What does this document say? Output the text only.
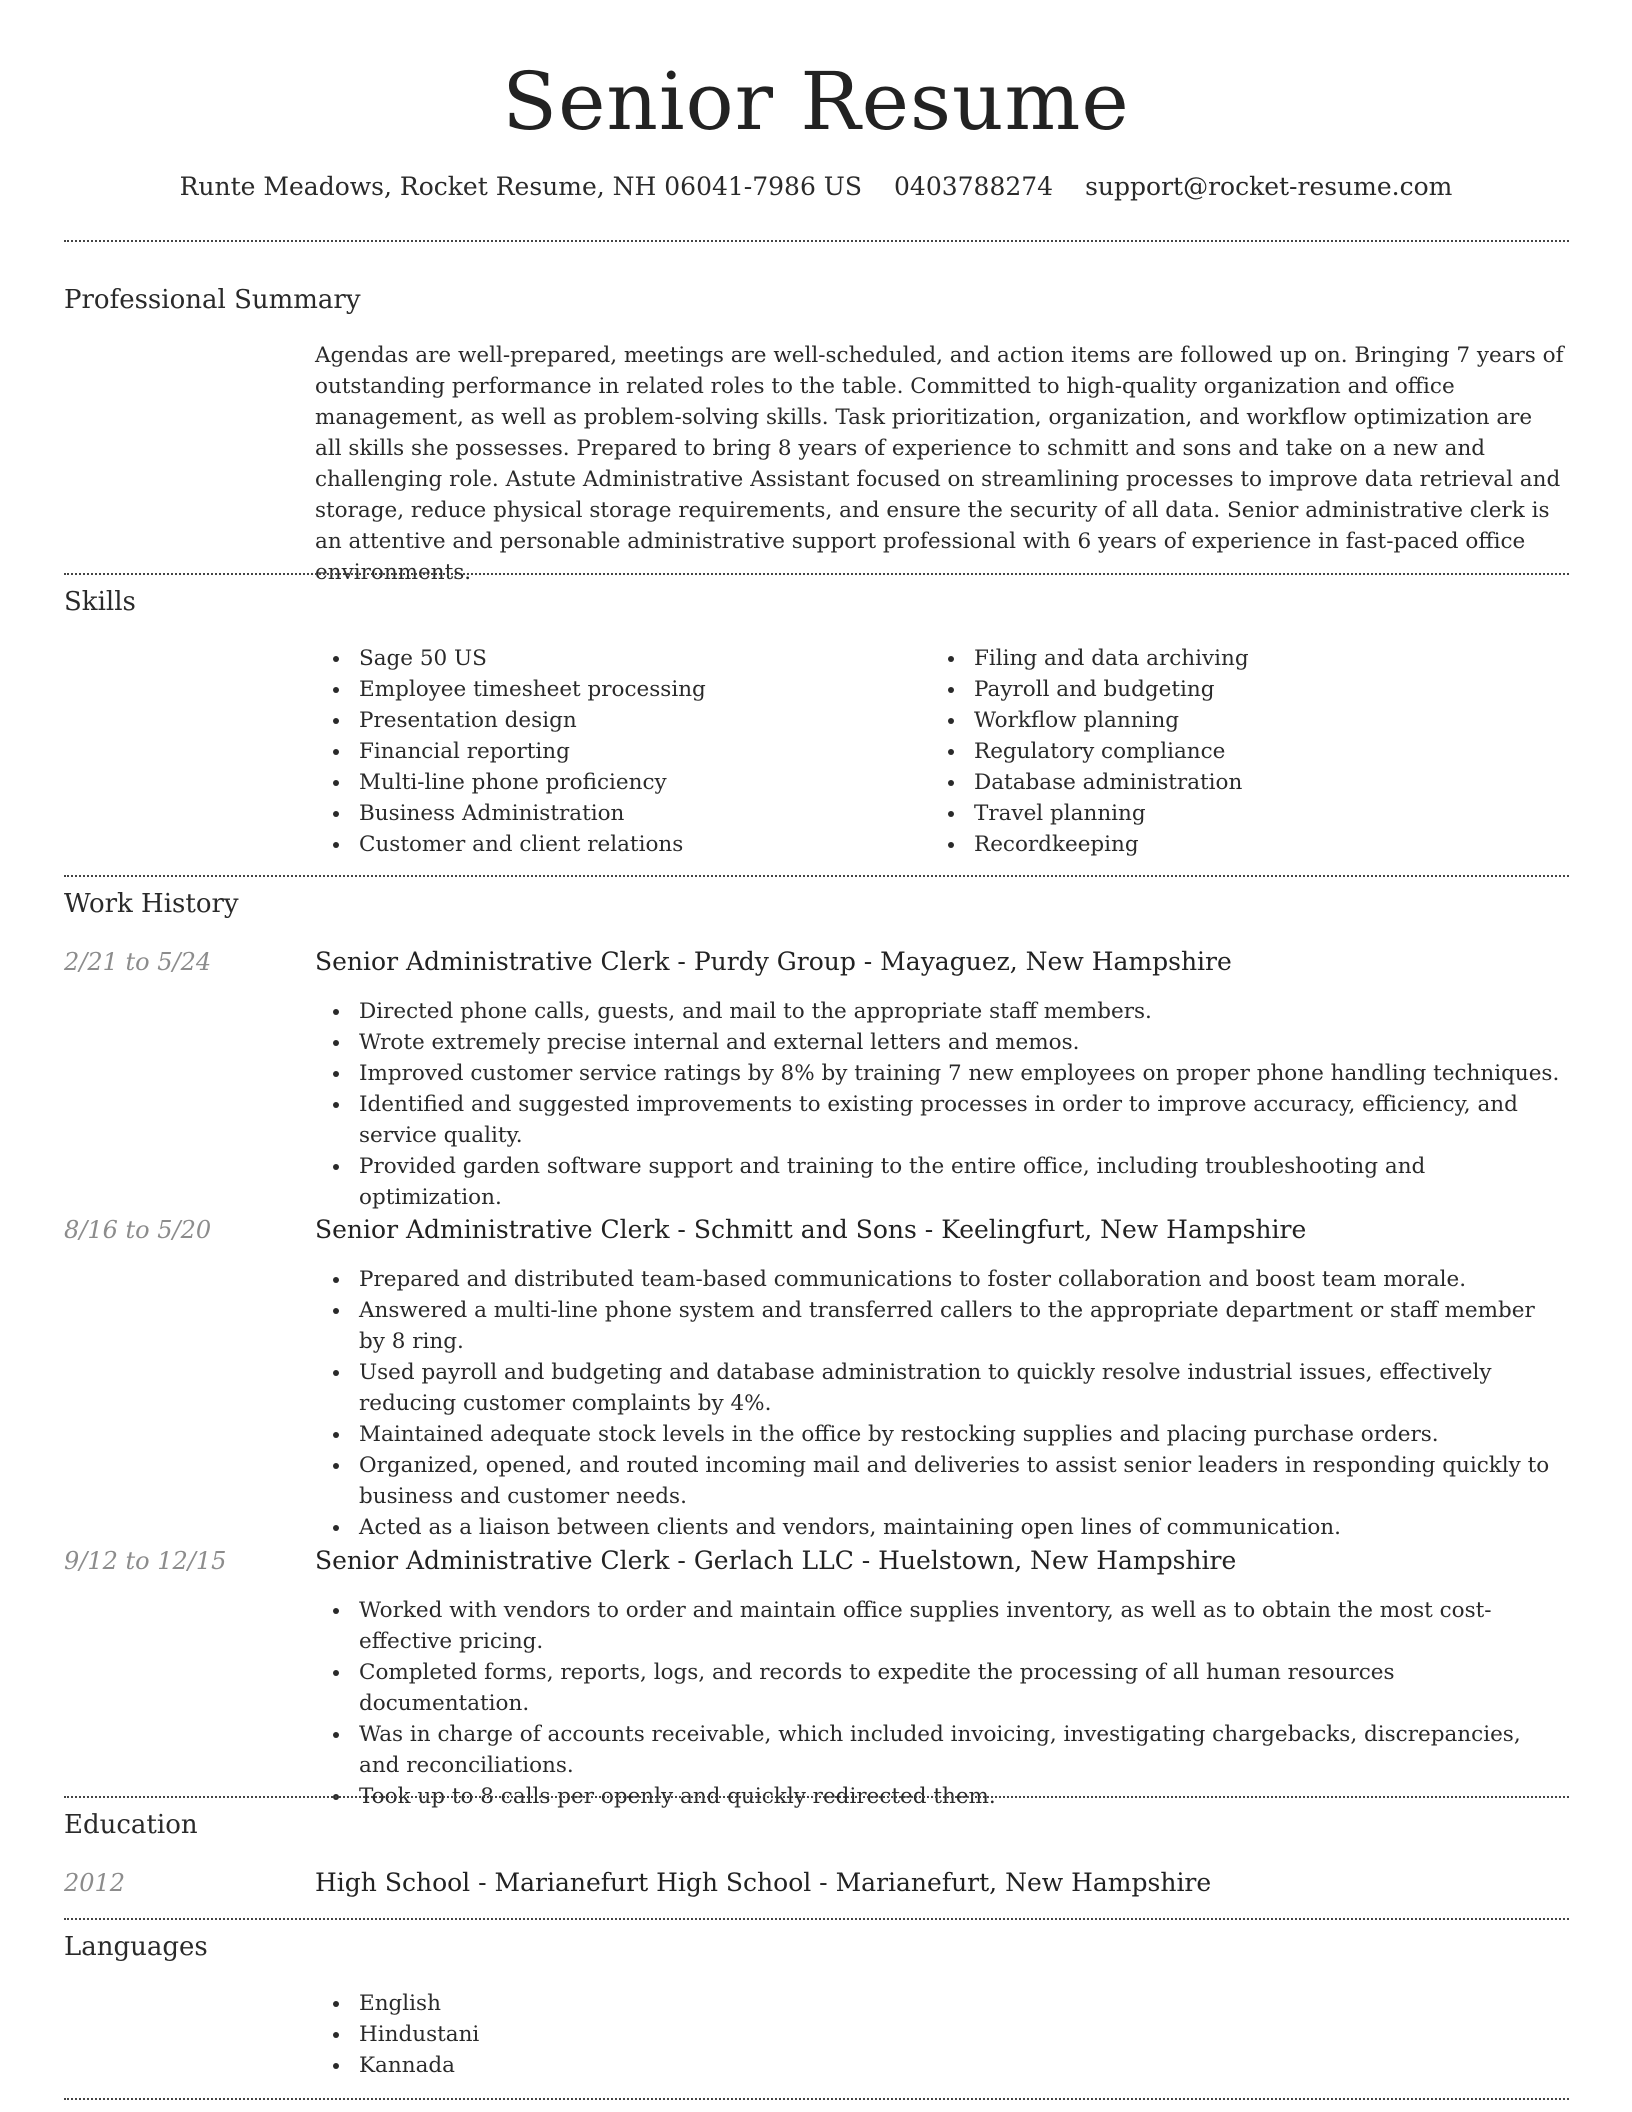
Senior Resume
Runte Meadows, Rocket Resume, NH 06041-7986 US 0403788274 support@rocket-resume.com
Professional Summary

Agendas are well-prepared, meetings are well-scheduled, and action items are followed up on. Bringing 7 years of outstanding performance in related roles to the table. Committed to high-quality organization and office management, as well as problem-solving skills. Task prioritization, organization, and workflow optimization are all skills she possesses. Prepared to bring 8 years of experience to schmitt and sons and take on a new and challenging role. Astute Administrative Assistant focused on streamlining processes to improve data retrieval and storage, reduce physical storage requirements, and ensure the security of all data. Senior administrative clerk is an attentive and personable administrative support professional with 6 years of experience in fast-paced office environments.

Skills
Sage 50 US
Employee timesheet processing
Presentation design
Financial reporting
Multi-line phone proficiency
Business Administration
Customer and client relations
Filing and data archiving
Payroll and budgeting
Workflow planning
Regulatory compliance
Database administration
Travel planning
Recordkeeping
Work History
2/21 to 5/24	Senior Administrative Clerk - Purdy Group - Mayaguez, New Hampshire
Directed phone calls, guests, and mail to the appropriate staff members.
Wrote extremely precise internal and external letters and memos.
Improved customer service ratings by 8% by training 7 new employees on proper phone handling techniques.
Identified and suggested improvements to existing processes in order to improve accuracy, efficiency, and service quality.
Provided garden software support and training to the entire office, including troubleshooting and optimization.
8/16 to 5/20	Senior Administrative Clerk - Schmitt and Sons - Keelingfurt, New Hampshire
Prepared and distributed team-based communications to foster collaboration and boost team morale.
Answered a multi-line phone system and transferred callers to the appropriate department or staff member by 8 ring.
Used payroll and budgeting and database administration to quickly resolve industrial issues, effectively reducing customer complaints by 4%.
Maintained adequate stock levels in the office by restocking supplies and placing purchase orders.
Organized, opened, and routed incoming mail and deliveries to assist senior leaders in responding quickly to business and customer needs.
Acted as a liaison between clients and vendors, maintaining open lines of communication.
9/12 to 12/15	Senior Administrative Clerk - Gerlach LLC - Huelstown, New Hampshire
Worked with vendors to order and maintain office supplies inventory, as well as to obtain the most cost-effective pricing.
Completed forms, reports, logs, and records to expedite the processing of all human resources documentation.
Was in charge of accounts receivable, which included invoicing, investigating chargebacks, discrepancies, and reconciliations.
Took up to 8 calls per openly and quickly redirected them.
Education
2012	High School - Marianefurt High School - Marianefurt, New Hampshire
Languages
English
Hindustani
Kannada
